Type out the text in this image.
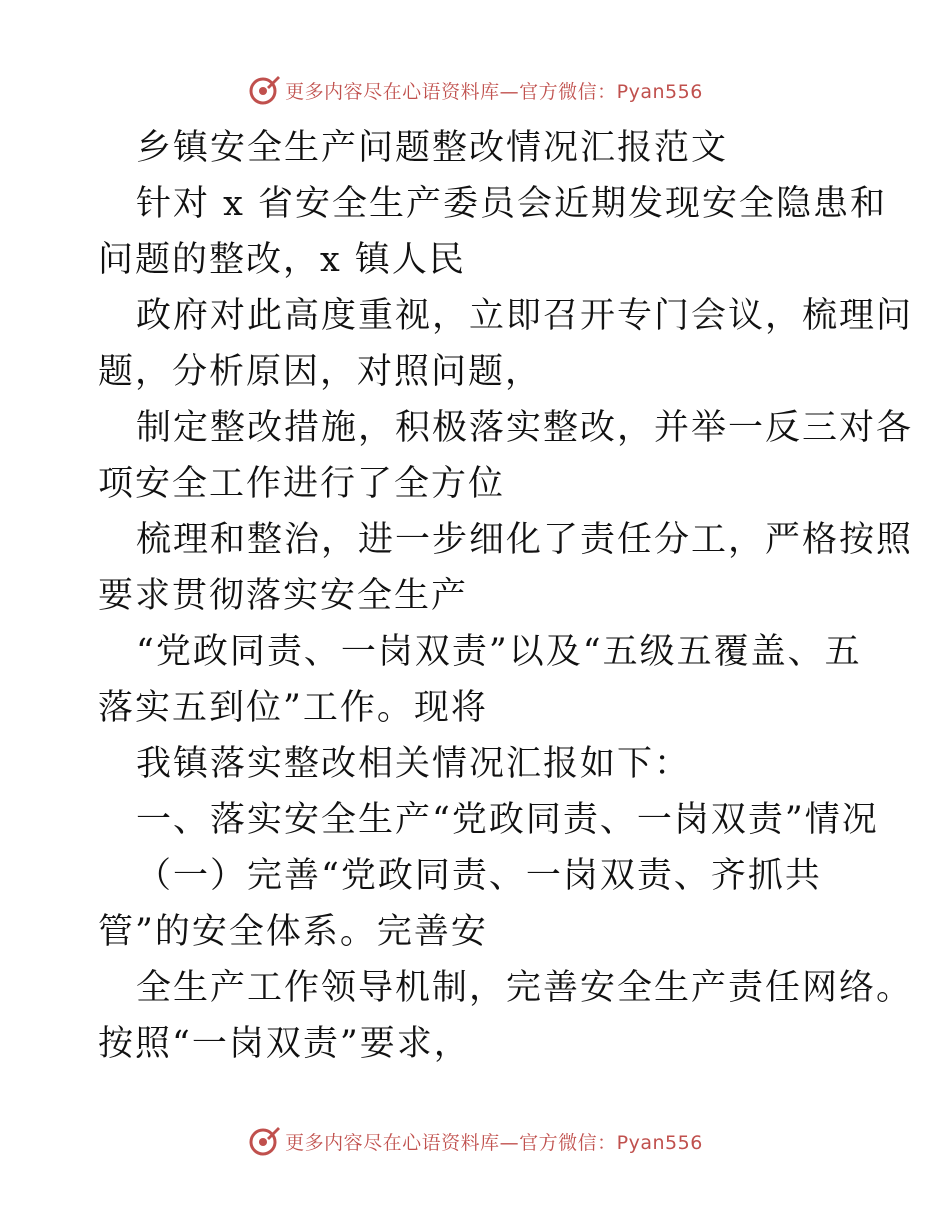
更多内容尽在心语资料库—官方微信：Pyan556
乡镇安全生产问题整改情况汇报范文
针对 x 省安全生产委员会近期发现安全隐患和
问题的整改，x 镇人民
政府对此高度重视，立即召开专门会议，梳理问
题，分析原因，对照问题，
制定整改措施，积极落实整改，并举一反三对各
项安全工作进行了全方位
梳理和整治，进一步细化了责任分工，严格按照
要求贯彻落实安全生产
“党政同责、一岗双责”以及“五级五覆盖、五
落实五到位”工作。现将
我镇落实整改相关情况汇报如下：
一、落实安全生产“党政同责、一岗双责”情况
（一）完善“党政同责、一岗双责、齐抓共
管”的安全体系。完善安
全生产工作领导机制，完善安全生产责任网络。
按照“一岗双责”要求，
更多内容尽在心语资料库—官方微信：Pyan556
